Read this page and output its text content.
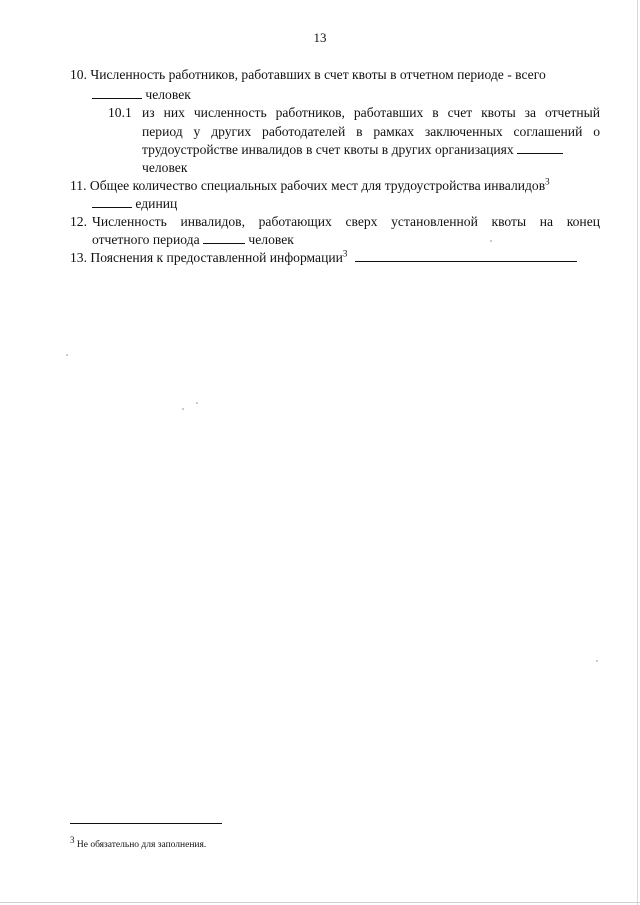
13
10. Численность работников, работавших в счет квоты в отчетном периоде - всего
человек
10.1 из них численность работников, работавших в счет квоты за отчетный
период у других работодателей в рамках заключенных соглашений о
трудоустройстве инвалидов в счет квоты в других организациях
человек
11. Общее количество специальных рабочих мест для трудоустройства инвалидов$^3$
единиц
12. Численность инвалидов, работающих сверх установленной квоты на конец
отчетного периода	человек
13. Пояснения к предоставленной информации$^3$
$^3$ Не обязательно для заполнения.
